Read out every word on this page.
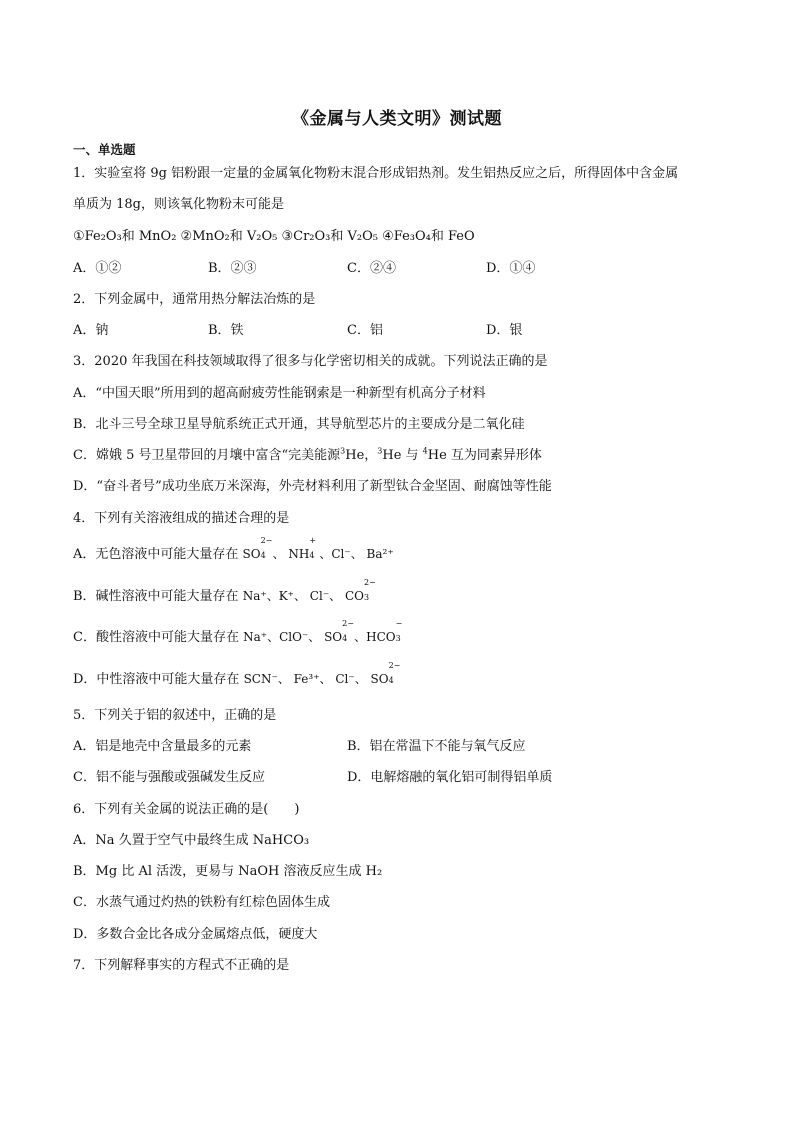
《金属与人类文明》测试题
一、单选题
1．实验室将 9g 铝粉跟一定量的金属氧化物粉末混合形成铝热剂。发生铝热反应之后，所得固体中含金属
单质为 18g，则该氧化物粉末可能是
①Fe₂O₃和 MnO₂ ②MnO₂和 V₂O₅ ③Cr₂O₃和 V₂O₅ ④Fe₃O₄和 FeO
A．①②	B．②③	C．②④	D．①④
2．下列金属中，通常用热分解法冶炼的是
A．钠	B．铁	C．铝	D．银
3．2020 年我国在科技领域取得了很多与化学密切相关的成就。下列说法正确的是
A．“中国天眼”所用到的超高耐疲劳性能钢索是一种新型有机高分子材料
B．北斗三号全球卫星导航系统正式开通，其导航型芯片的主要成分是二氧化硅
C．嫦娥 5 号卫星带回的月壤中富含“完美能源$^3$He，$^3$He 与 $^4$He 互为同素异形体
D．“奋斗者号”成功坐底万米深海，外壳材料利用了新型钛合金坚固、耐腐蚀等性能
4．下列有关溶液组成的描述合理的是
A．无色溶液中可能大量存在 SO
2−
4 、 NH
+
4 、Cl⁻、 Ba²⁺
B．碱性溶液中可能大量存在 Na⁺、K⁺、 Cl⁻、 CO
2−
3
C．酸性溶液中可能大量存在 Na⁺、ClO⁻、 SO
2−
4 、HCO
−
3
D．中性溶液中可能大量存在 SCN⁻、 Fe³⁺、 Cl⁻、 SO
2−
4
5．下列关于铝的叙述中，正确的是
A．铝是地壳中含量最多的元素	B．铝在常温下不能与氧气反应
C．铝不能与强酸或强碱发生反应	D．电解熔融的氧化铝可制得铝单质
6．下列有关金属的说法正确的是(　　)
A．Na 久置于空气中最终生成 NaHCO₃
B．Mg 比 Al 活泼，更易与 NaOH 溶液反应生成 H₂
C．水蒸气通过灼热的铁粉有红棕色固体生成
D．多数合金比各成分金属熔点低，硬度大
7．下列解释事实的方程式不正确的是
